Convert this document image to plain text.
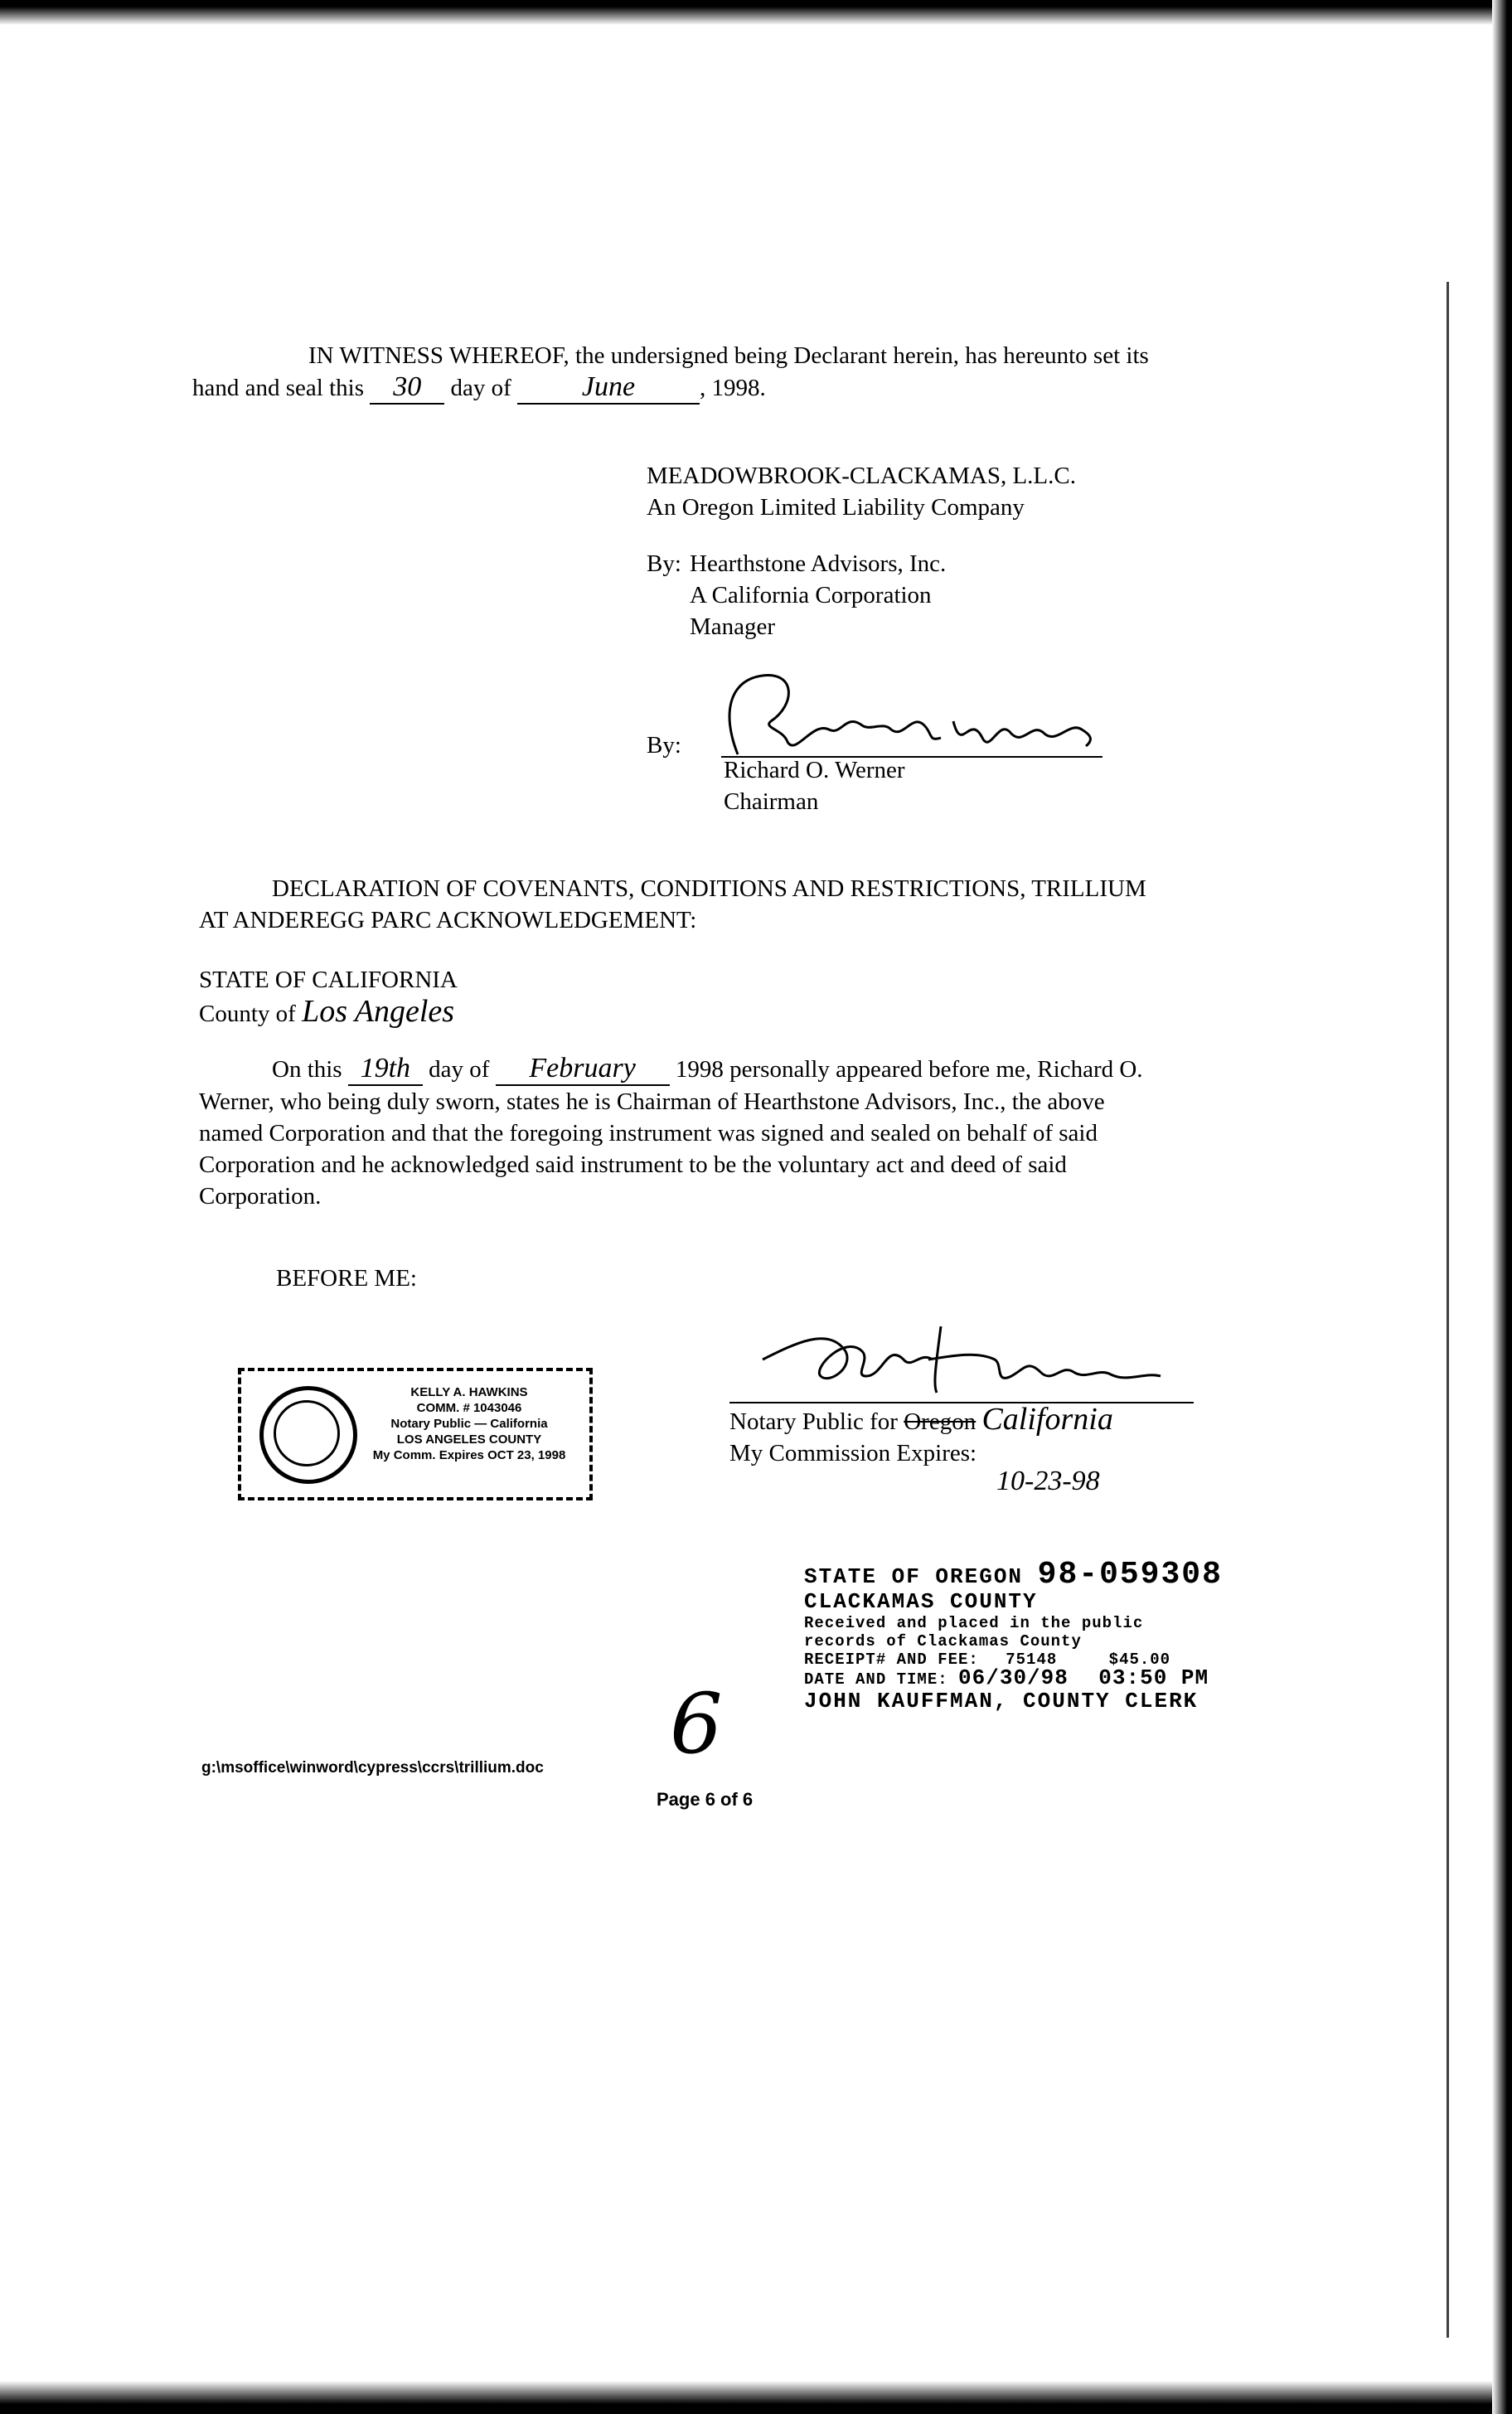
IN WITNESS WHEREOF, the undersigned being Declarant herein, has hereunto set its
hand and seal this 30 day of	June	, 1998.
MEADOWBROOK-CLACKAMAS, L.L.C.
An Oregon Limited Liability Company
By: Hearthstone Advisors, Inc.
A California Corporation
Manager
By:
Richard O. Werner
Chairman
DECLARATION OF COVENANTS, CONDITIONS AND RESTRICTIONS, TRILLIUM
AT ANDEREGG PARC ACKNOWLEDGEMENT:
STATE OF CALIFORNIA
County of Los Angeles
On this 19th day of February 1998 personally appeared before me, Richard O.
Werner, who being duly sworn, states he is Chairman of Hearthstone Advisors, Inc., the above
named Corporation and that the foregoing instrument was signed and sealed on behalf of said
Corporation and he acknowledged said instrument to be the voluntary act and deed of said
Corporation.
BEFORE ME:
KELLY A. HAWKINS
COMM. # 1043046
Notary Public — California
LOS ANGELES COUNTY
My Comm. Expires OCT 23, 1998
Notary Public for Oregon California
My Commission Expires:
10-23-98
STATE OF OREGON 98-059308
CLACKAMAS COUNTY
Received and placed in the public
records of Clackamas County
RECEIPT# AND FEE: 75148	$45.00
DATE AND TIME: 06/30/98 03:50 PM
JOHN KAUFFMAN, COUNTY CLERK
6
g:\msoffice\winword\cypress\ccrs\trillium.doc
Page 6 of 6
